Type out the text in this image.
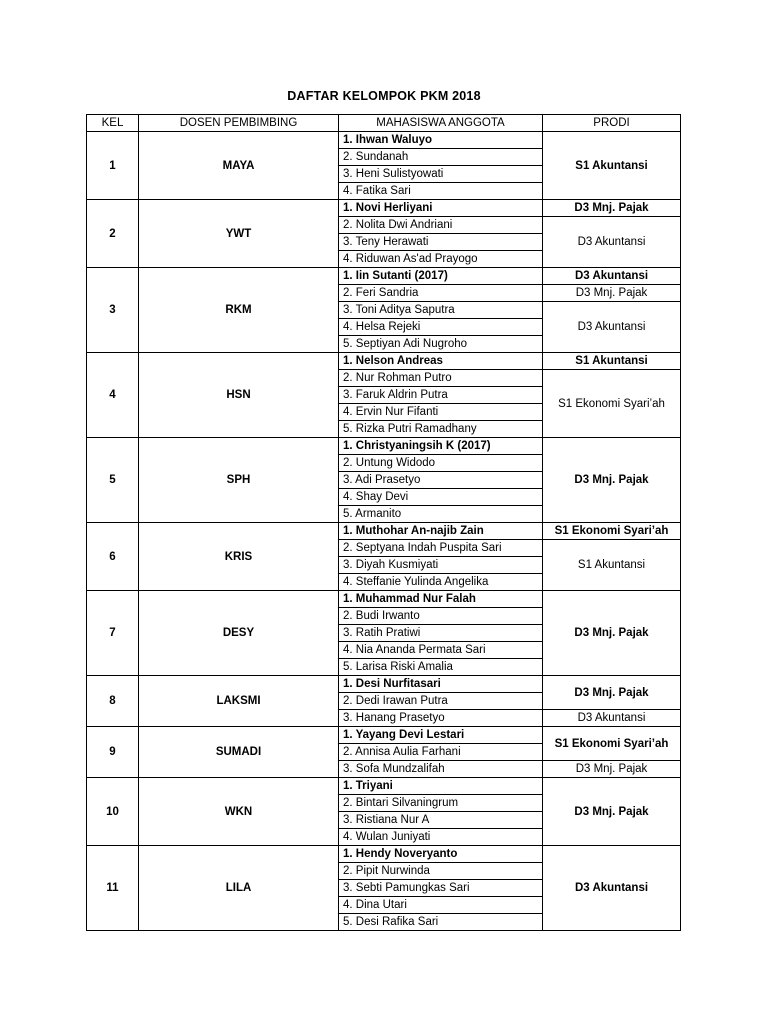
DAFTAR KELOMPOK PKM 2018
KEL	DOSEN PEMBIMBING	MAHASISWA ANGGOTA	PRODI
1	MAYA	1. Ihwan Waluyo	S1 Akuntansi
		2. Sundanah	
		3. Heni Sulistyowati	
		4. Fatika Sari	
2	YWT	1. Novi Herliyani	D3 Mnj. Pajak
		2. Nolita Dwi Andriani	D3 Akuntansi
		3. Teny Herawati	
		4. Riduwan As'ad Prayogo	
3	RKM	1. Iin Sutanti (2017)	D3 Akuntansi
		2. Feri Sandria	D3 Mnj. Pajak
		3. Toni Aditya Saputra	D3 Akuntansi
		4. Helsa Rejeki	
		5. Septiyan Adi Nugroho	
4	HSN	1. Nelson Andreas	S1 Akuntansi
		2. Nur Rohman Putro	S1 Ekonomi Syari’ah
		3. Faruk Aldrin Putra	
		4. Ervin Nur Fifanti	
		5. Rizka Putri Ramadhany	
5	SPH	1. Christyaningsih K (2017)	D3 Mnj. Pajak
		2. Untung Widodo	
		3. Adi Prasetyo	
		4. Shay Devi	
		5. Armanito	
6	KRIS	1. Muthohar An-najib Zain	S1 Ekonomi Syari’ah
		2. Septyana Indah Puspita Sari	S1 Akuntansi
		3. Diyah Kusmiyati	
		4. Steffanie Yulinda Angelika	
7	DESY	1. Muhammad Nur Falah	D3 Mnj. Pajak
		2. Budi Irwanto	
		3. Ratih Pratiwi	
		4. Nia Ananda Permata Sari	
		5. Larisa Riski Amalia	
8	LAKSMI	1. Desi Nurfitasari	D3 Mnj. Pajak
		2. Dedi Irawan Putra	
		3. Hanang Prasetyo	D3 Akuntansi
9	SUMADI	1. Yayang Devi Lestari	S1 Ekonomi Syari’ah
		2. Annisa Aulia Farhani	
		3. Sofa Mundzalifah	D3 Mnj. Pajak
10	WKN	1. Triyani	D3 Mnj. Pajak
		2. Bintari Silvaningrum	
		3. Ristiana Nur A	
		4. Wulan Juniyati	
11	LILA	1. Hendy Noveryanto	D3 Akuntansi
		2. Pipit Nurwinda	
		3. Sebti Pamungkas Sari	
		4. Dina Utari	
		5. Desi Rafika Sari	
